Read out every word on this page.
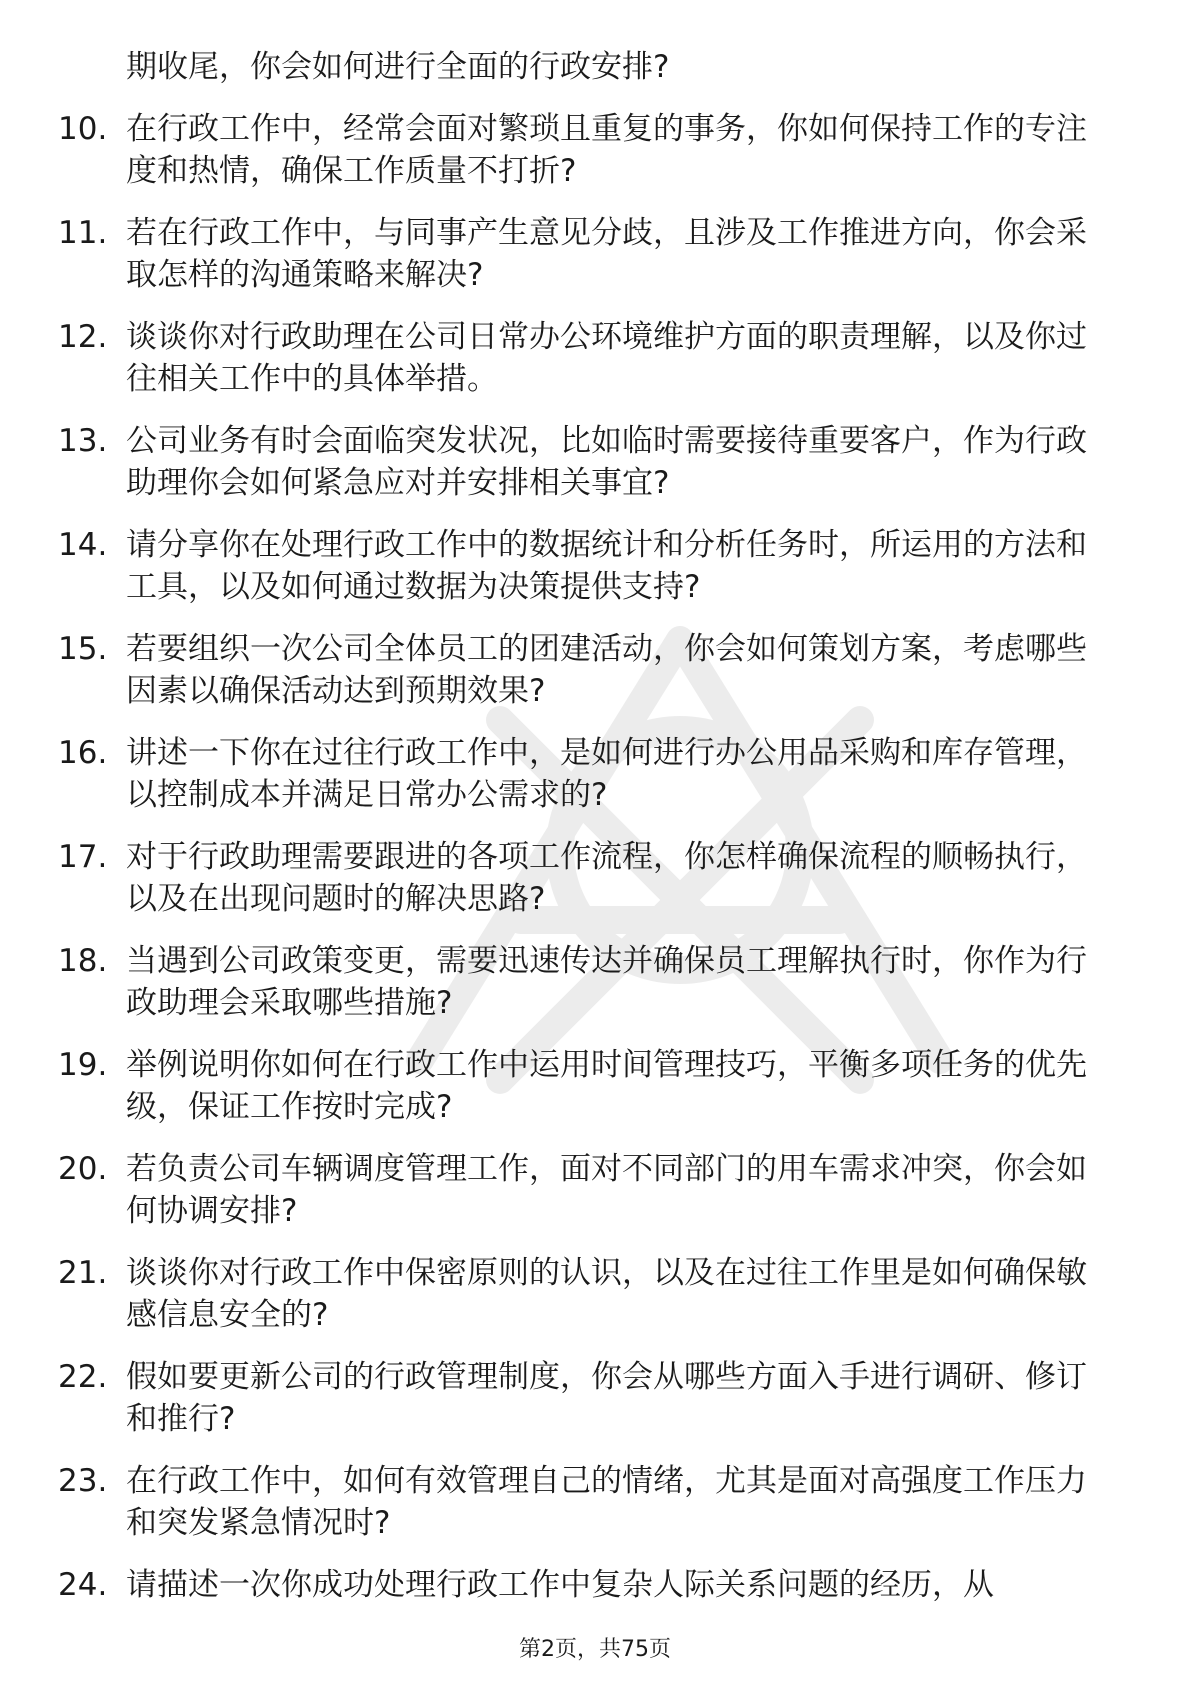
期收尾，你会如何进行全面的行政安排?
10. 在行政工作中，经常会面对繁琐且重复的事务，你如何保持工作的专注度和热情，确保工作质量不打折?
11. 若在行政工作中，与同事产生意见分歧，且涉及工作推进方向，你会采取怎样的沟通策略来解决?
12. 谈谈你对行政助理在公司日常办公环境维护方面的职责理解，以及你过往相关工作中的具体举措。
13. 公司业务有时会面临突发状况，比如临时需要接待重要客户，作为行政助理你会如何紧急应对并安排相关事宜?
14. 请分享你在处理行政工作中的数据统计和分析任务时，所运用的方法和工具，以及如何通过数据为决策提供支持?
15. 若要组织一次公司全体员工的团建活动，你会如何策划方案，考虑哪些因素以确保活动达到预期效果?
16. 讲述一下你在过往行政工作中，是如何进行办公用品采购和库存管理，以控制成本并满足日常办公需求的?
17. 对于行政助理需要跟进的各项工作流程，你怎样确保流程的顺畅执行，以及在出现问题时的解决思路?
18. 当遇到公司政策变更，需要迅速传达并确保员工理解执行时，你作为行政助理会采取哪些措施?
19. 举例说明你如何在行政工作中运用时间管理技巧，平衡多项任务的优先级，保证工作按时完成?
20. 若负责公司车辆调度管理工作，面对不同部门的用车需求冲突，你会如何协调安排?
21. 谈谈你对行政工作中保密原则的认识，以及在过往工作里是如何确保敏感信息安全的?
22. 假如要更新公司的行政管理制度，你会从哪些方面入手进行调研、修订和推行?
23. 在行政工作中，如何有效管理自己的情绪，尤其是面对高强度工作压力和突发紧急情况时?
24. 请描述一次你成功处理行政工作中复杂人际关系问题的经历，从
第2页，共75页
